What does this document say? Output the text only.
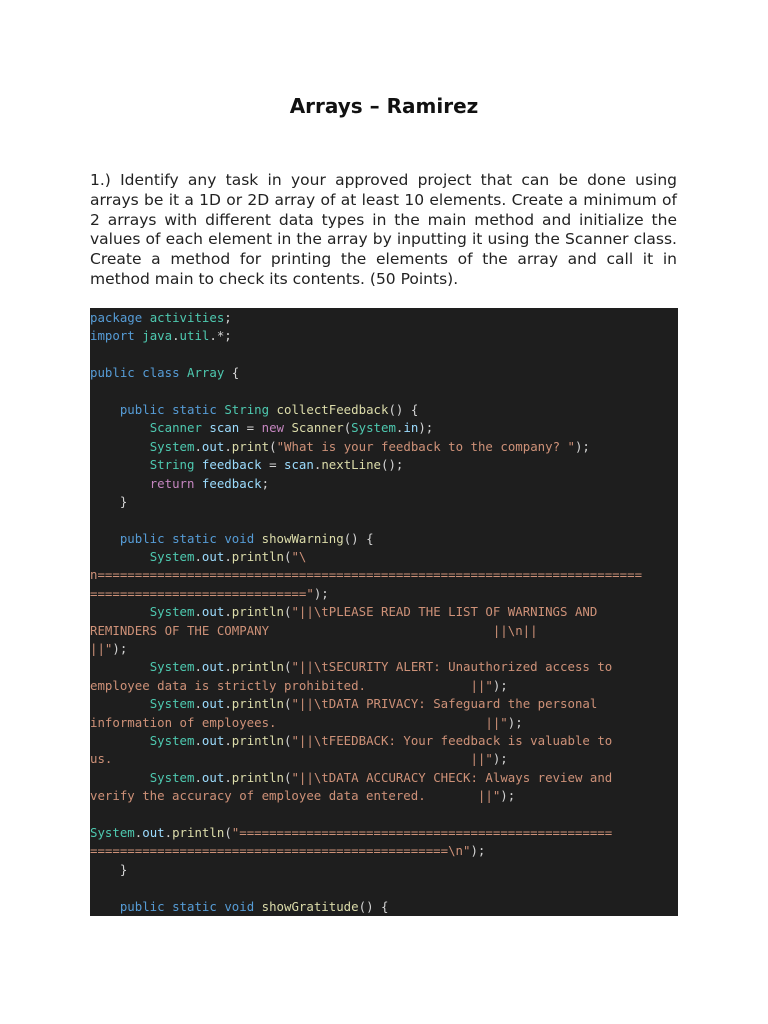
Arrays – Ramirez

1.) Identify any task in your approved project that can be done using arrays be it a 1D or 2D array of at least 10 elements. Create a minimum of 2 arrays with different data types in the main method and initialize the values of each element in the array by inputting it using the Scanner class. Create a method for printing the elements of the array and call it in method main to check its contents. (50 Points).

package activities;
import java.util.*;

public class Array {

public static String collectFeedback() {
Scanner scan = new Scanner(System.in);
System.out.print("What is your feedback to the company? ");
String feedback = scan.nextLine();
return feedback;
}

public static void showWarning() {
System.out.println("\
n=========================================================================
=============================");
System.out.println("||\tPLEASE READ THE LIST OF WARNINGS AND
REMINDERS OF THE COMPANY                              ||\n||
||");
System.out.println("||\tSECURITY ALERT: Unauthorized access to
employee data is strictly prohibited.              ||");
System.out.println("||\tDATA PRIVACY: Safeguard the personal
information of employees.                            ||");
System.out.println("||\tFEEDBACK: Your feedback is valuable to
us.                                                ||");
System.out.println("||\tDATA ACCURACY CHECK: Always review and
verify the accuracy of employee data entered.       ||");

System.out.println("==================================================
================================================\n");
}

public static void showGratitude() {
